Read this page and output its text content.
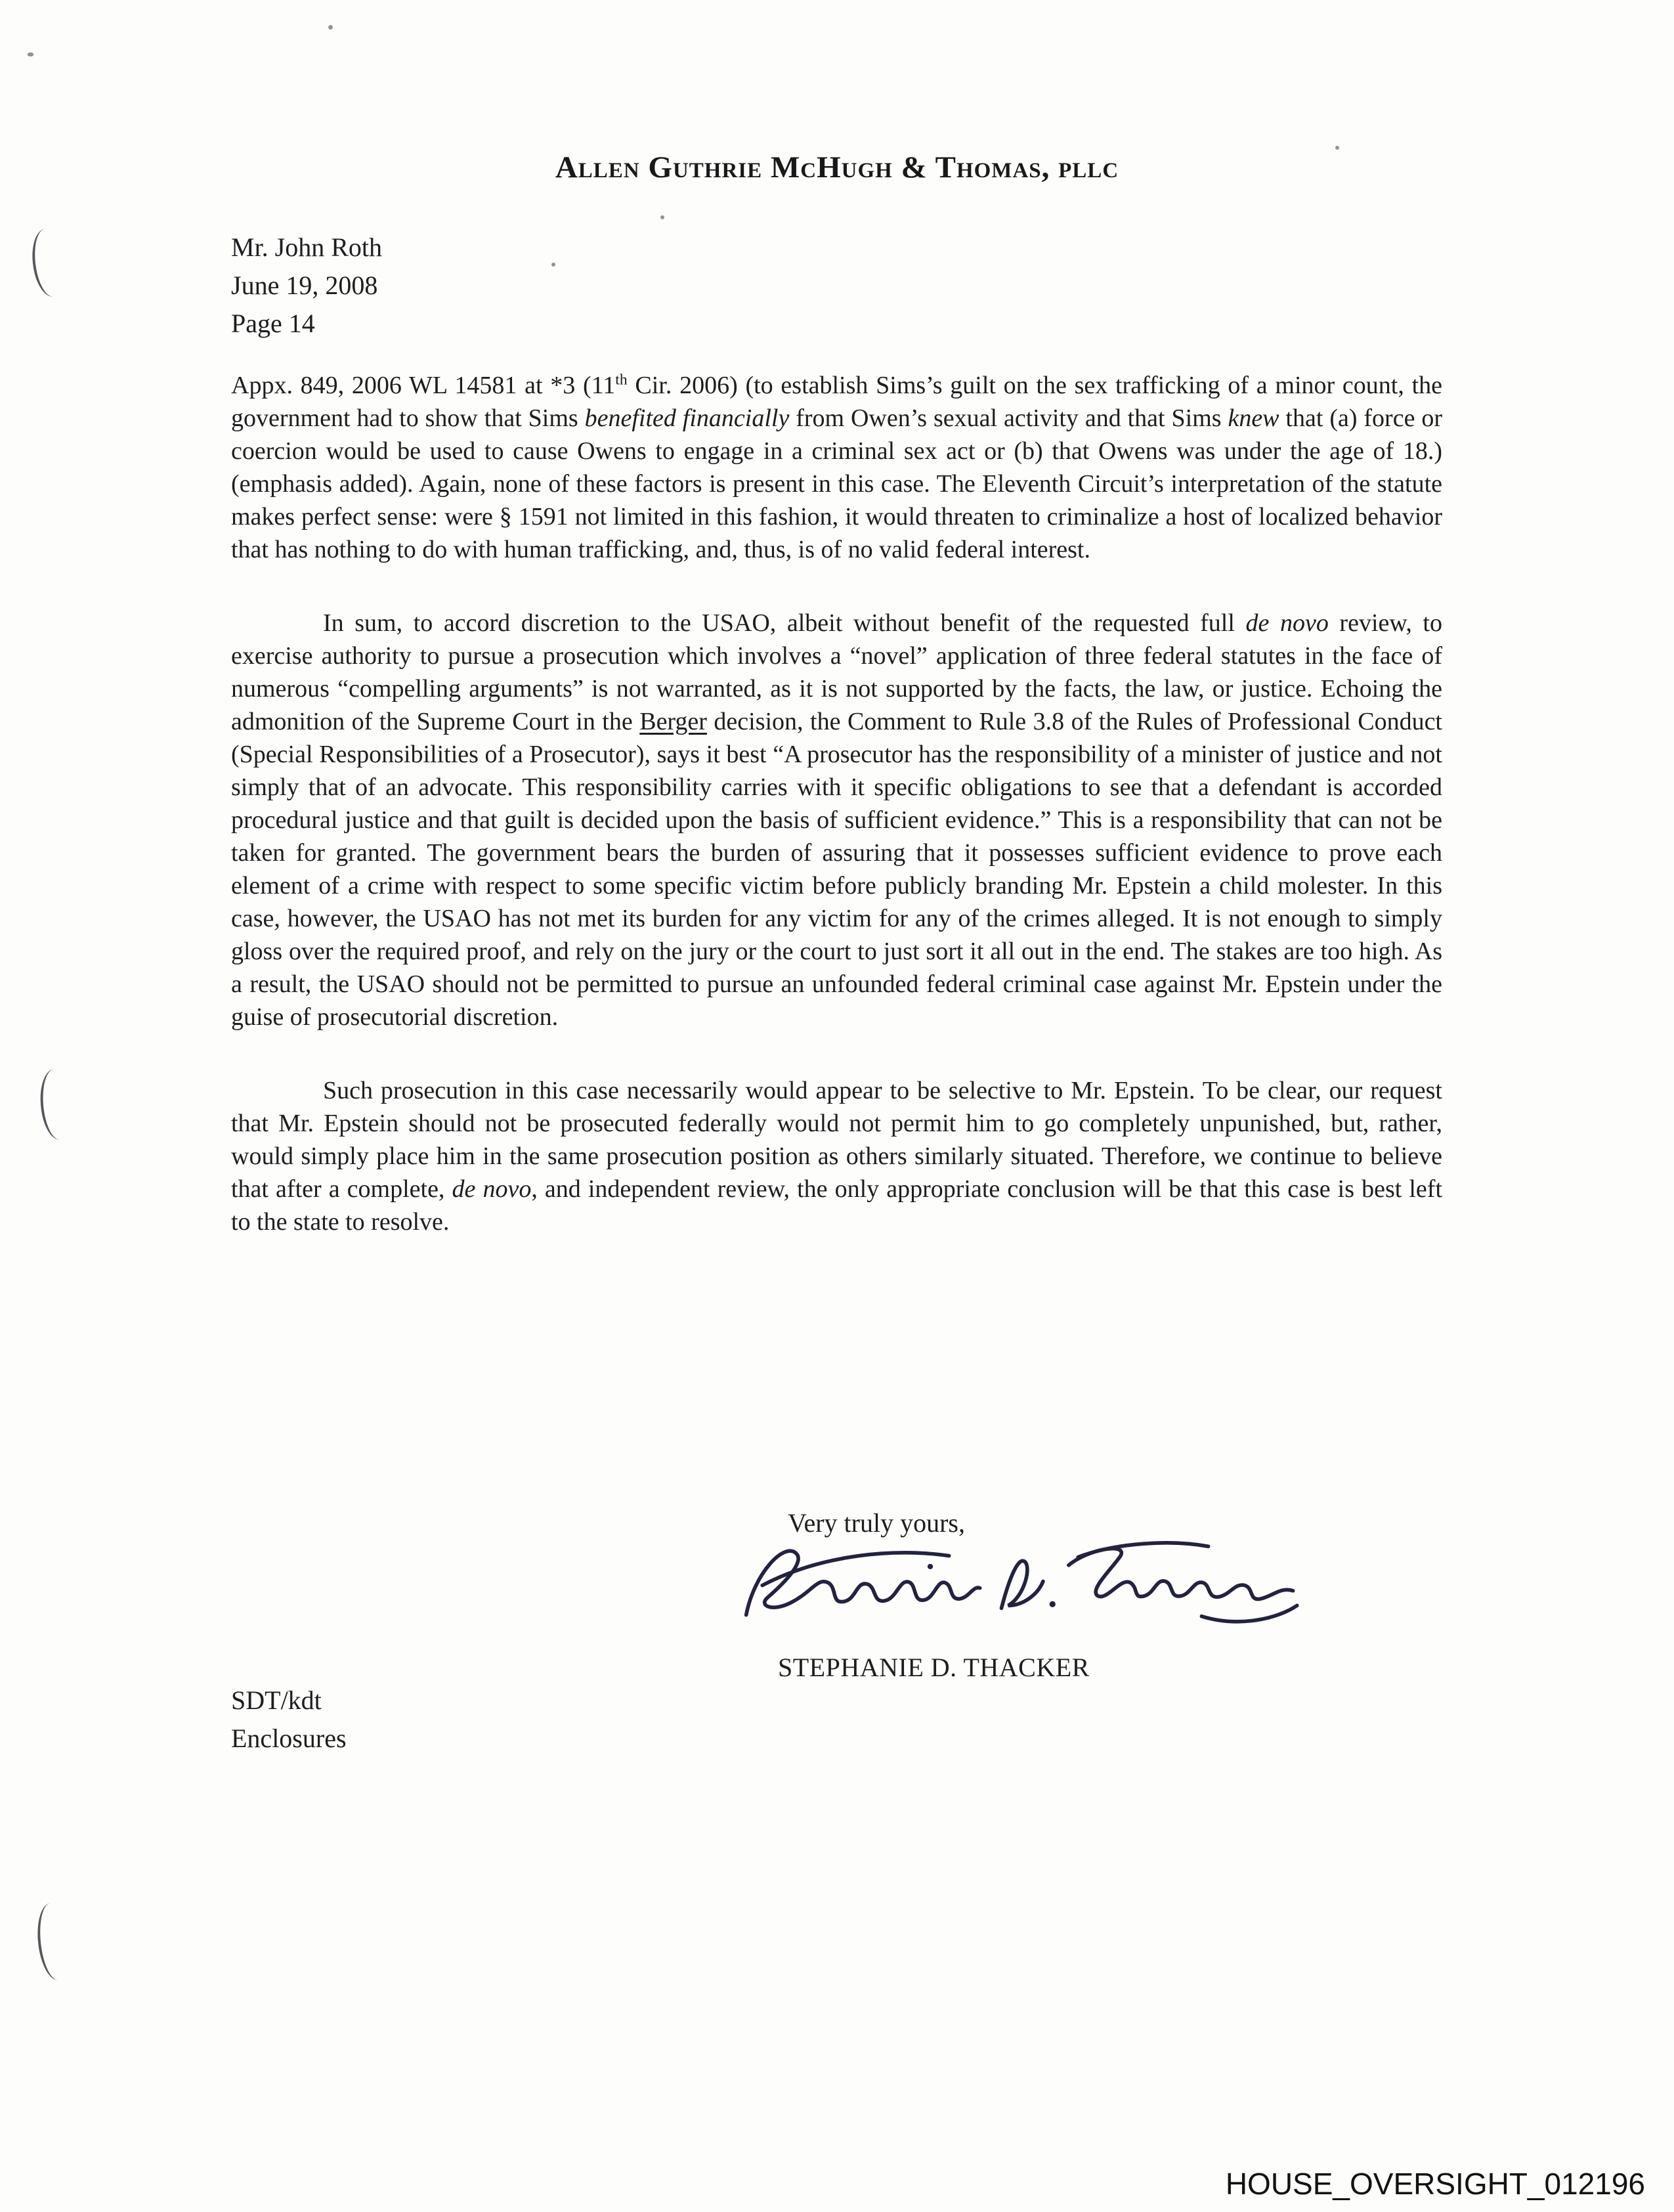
Allen Guthrie McHugh & Thomas, pllc
Mr. John Roth
June 19, 2008
Page 14

Appx. 849, 2006 WL 14581 at *3 (11th Cir. 2006) (to establish Sims’s guilt on the sex trafficking of a minor count, the government had to show that Sims benefited financially from Owen’s sexual activity and that Sims knew that (a) force or coercion would be used to cause Owens to engage in a criminal sex act or (b) that Owens was under the age of 18.) (emphasis added). Again, none of these factors is present in this case. The Eleventh Circuit’s interpretation of the statute makes perfect sense: were § 1591 not limited in this fashion, it would threaten to criminalize a host of localized behavior that has nothing to do with human trafficking, and, thus, is of no valid federal interest.

In sum, to accord discretion to the USAO, albeit without benefit of the requested full de novo review, to exercise authority to pursue a prosecution which involves a “novel” application of three federal statutes in the face of numerous “compelling arguments” is not warranted, as it is not supported by the facts, the law, or justice. Echoing the admonition of the Supreme Court in the Berger decision, the Comment to Rule 3.8 of the Rules of Professional Conduct (Special Responsibilities of a Prosecutor), says it best “A prosecutor has the responsibility of a minister of justice and not simply that of an advocate. This responsibility carries with it specific obligations to see that a defendant is accorded procedural justice and that guilt is decided upon the basis of sufficient evidence.” This is a responsibility that can not be taken for granted. The government bears the burden of assuring that it possesses sufficient evidence to prove each element of a crime with respect to some specific victim before publicly branding Mr. Epstein a child molester. In this case, however, the USAO has not met its burden for any victim for any of the crimes alleged. It is not enough to simply gloss over the required proof, and rely on the jury or the court to just sort it all out in the end. The stakes are too high. As a result, the USAO should not be permitted to pursue an unfounded federal criminal case against Mr. Epstein under the guise of prosecutorial discretion.

Such prosecution in this case necessarily would appear to be selective to Mr. Epstein. To be clear, our request that Mr. Epstein should not be prosecuted federally would not permit him to go completely unpunished, but, rather, would simply place him in the same prosecution position as others similarly situated. Therefore, we continue to believe that after a complete, de novo, and independent review, the only appropriate conclusion will be that this case is best left to the state to resolve.

Very truly yours,
STEPHANIE D. THACKER
SDT/kdt
Enclosures
HOUSE_OVERSIGHT_012196
